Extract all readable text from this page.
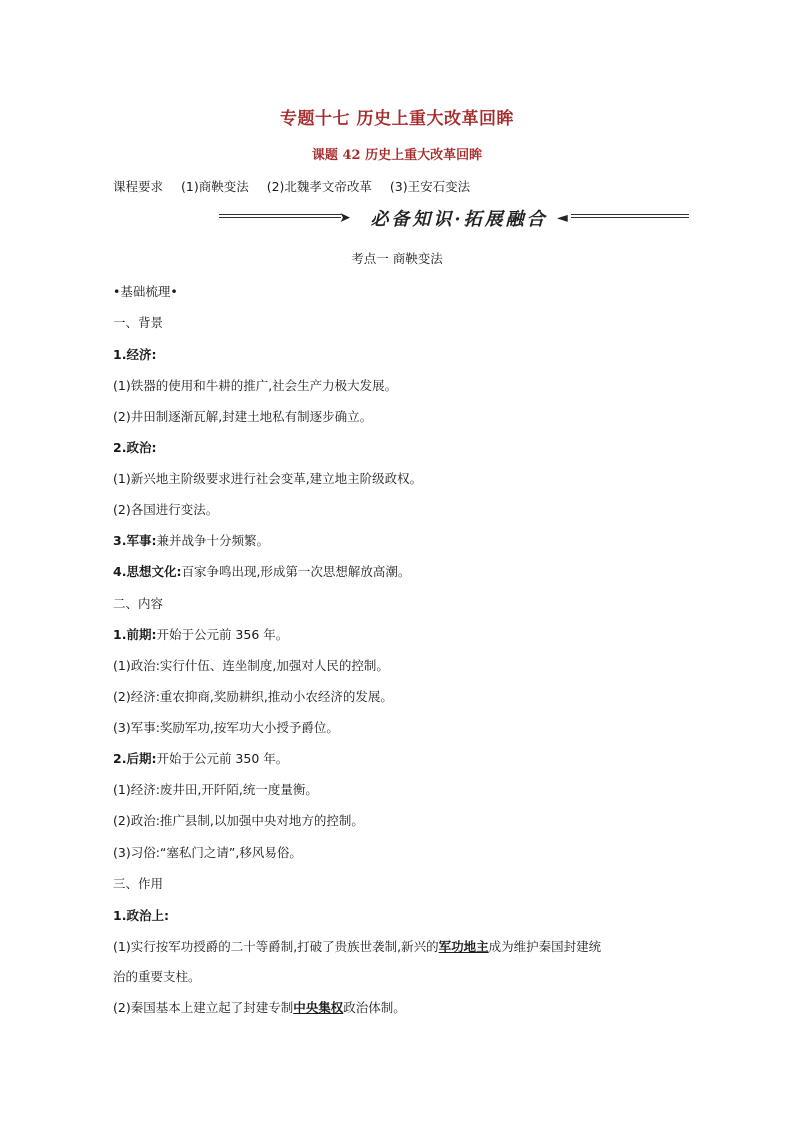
专题十七 历史上重大改革回眸
课题 42 历史上重大改革回眸
课程要求 (1)商鞅变法 (2)北魏孝文帝改革 (3)王安石变法
➤	必备知识·拓展融合 ◄
考点一 商鞅变法
•基础梳理•
一、背景
1.经济:
(1)铁器的使用和牛耕的推广,社会生产力极大发展。
(2)井田制逐渐瓦解,封建土地私有制逐步确立。
2.政治:
(1)新兴地主阶级要求进行社会变革,建立地主阶级政权。
(2)各国进行变法。
3.军事:兼并战争十分频繁。
4.思想文化:百家争鸣出现,形成第一次思想解放高潮。
二、内容
1.前期:开始于公元前 356 年。
(1)政治:实行什伍、连坐制度,加强对人民的控制。
(2)经济:重农抑商,奖励耕织,推动小农经济的发展。
(3)军事:奖励军功,按军功大小授予爵位。
2.后期:开始于公元前 350 年。
(1)经济:废井田,开阡陌,统一度量衡。
(2)政治:推广县制,以加强中央对地方的控制。
(3)习俗:“塞私门之请”,移风易俗。
三、作用
1.政治上:
(1)实行按军功授爵的二十等爵制,打破了贵族世袭制,新兴的军功地主成为维护秦国封建统
治的重要支柱。
(2)秦国基本上建立起了封建专制中央集权政治体制。
